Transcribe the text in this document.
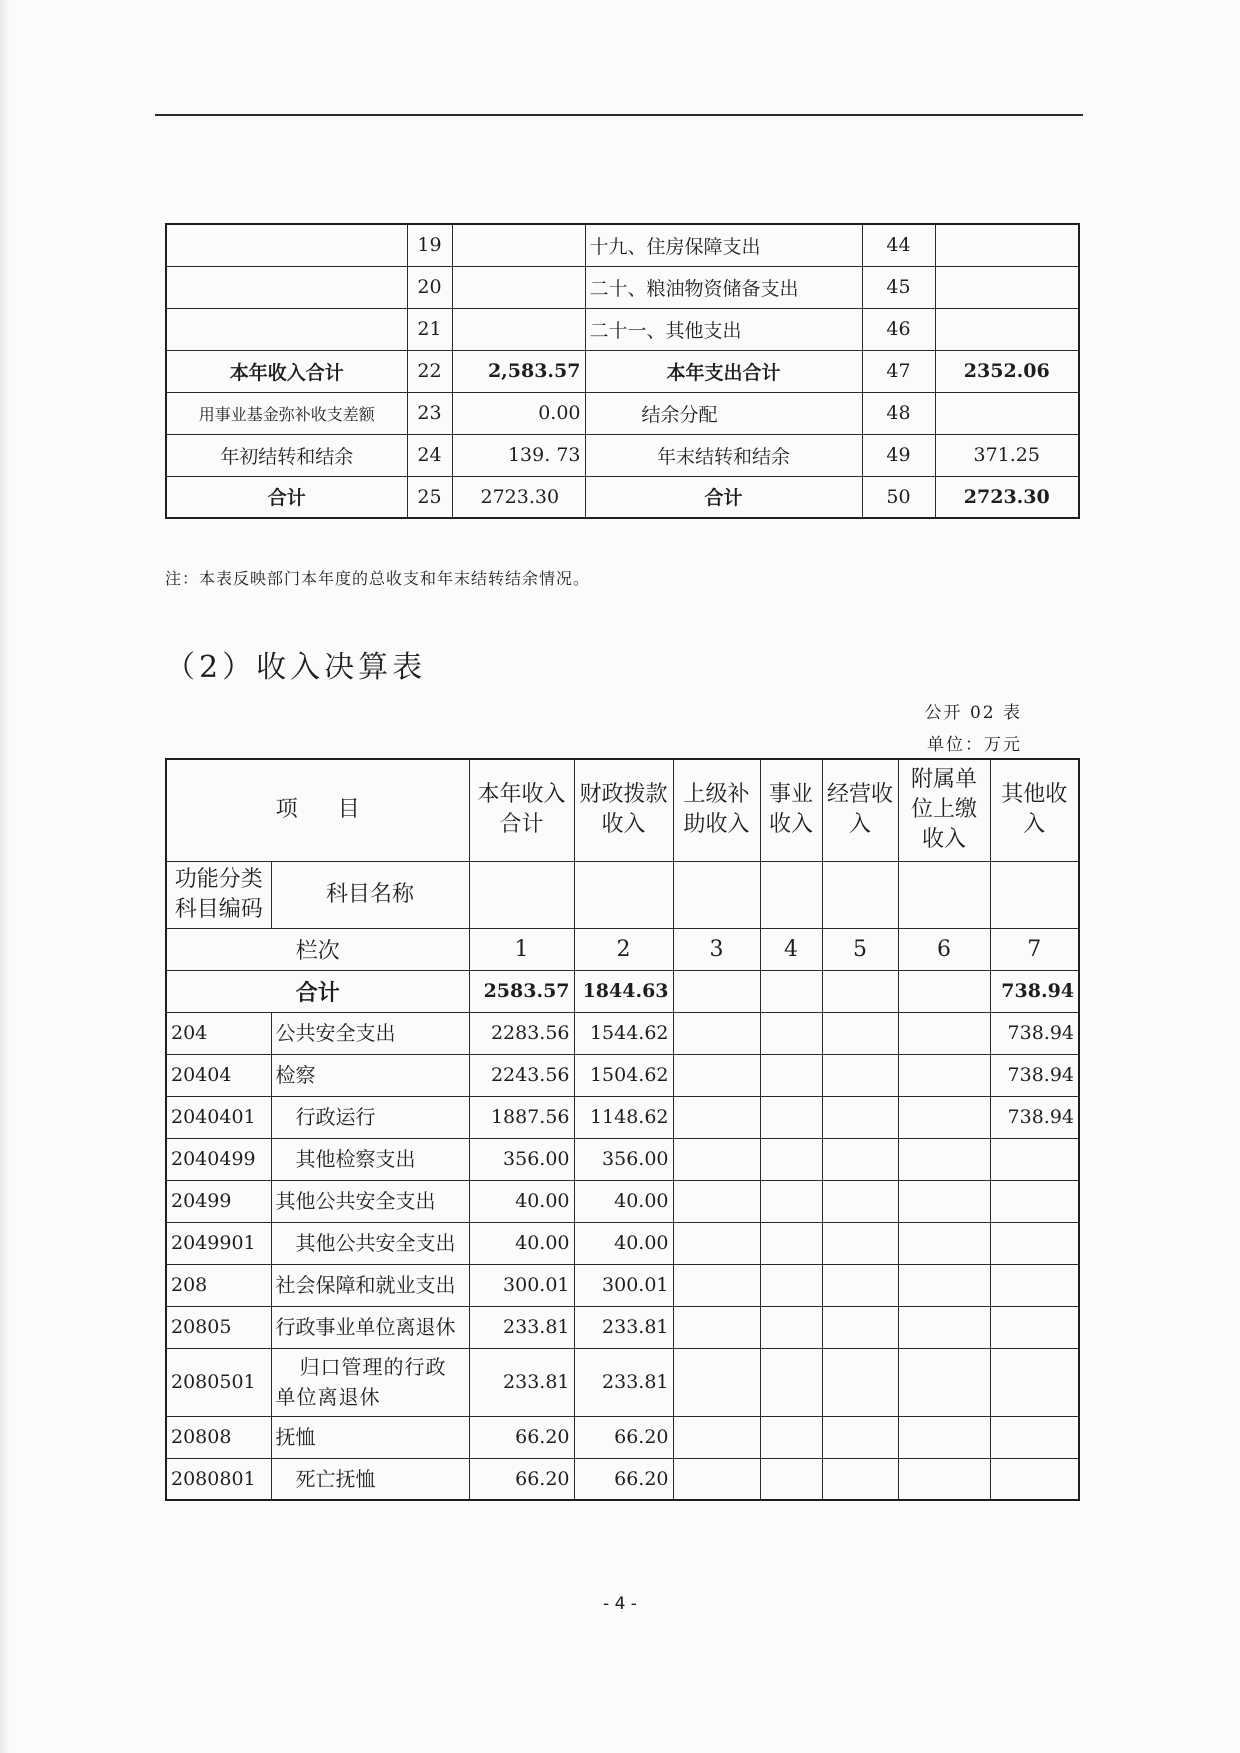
	19		十九、住房保障支出	44	
	20		二十、粮油物资储备支出	45	
	21		二十一、其他支出	46	
本年收入合计	22	2,583.57	本年支出合计	47	2352.06
用事业基金弥补收支差额	23	0.00	结余分配	48	
年初结转和结余	24	139. 73	年末结转和结余	49	371.25
合计	25	2723.30	合计	50	2723.30
注：本表反映部门本年度的总收支和年末结转结余情况。
（2）收入决算表
公开 02 表
单位：万元
项目		本年收入合计	财政拨款收入	上级补助收入	事业收入	经营收入	附属单位上缴收入	其他收入
功能分类科目编码	科目名称							
栏次		1	2	3	4	5	6	7
合计		2583.57	1844.63					738.94
204	公共安全支出	2283.56	1544.62					738.94
20404	检察	2243.56	1504.62					738.94
2040401	行政运行	1887.56	1148.62					738.94
2040499	其他检察支出	356.00	356.00					
20499	其他公共安全支出	40.00	40.00					
2049901	其他公共安全支出	40.00	40.00					
208	社会保障和就业支出	300.01	300.01					
20805	行政事业单位离退休	233.81	233.81					
2080501	归口管理的行政单位离退休	233.81	233.81					
20808	抚恤	66.20	66.20					
2080801	死亡抚恤	66.20	66.20					
- 4 -
